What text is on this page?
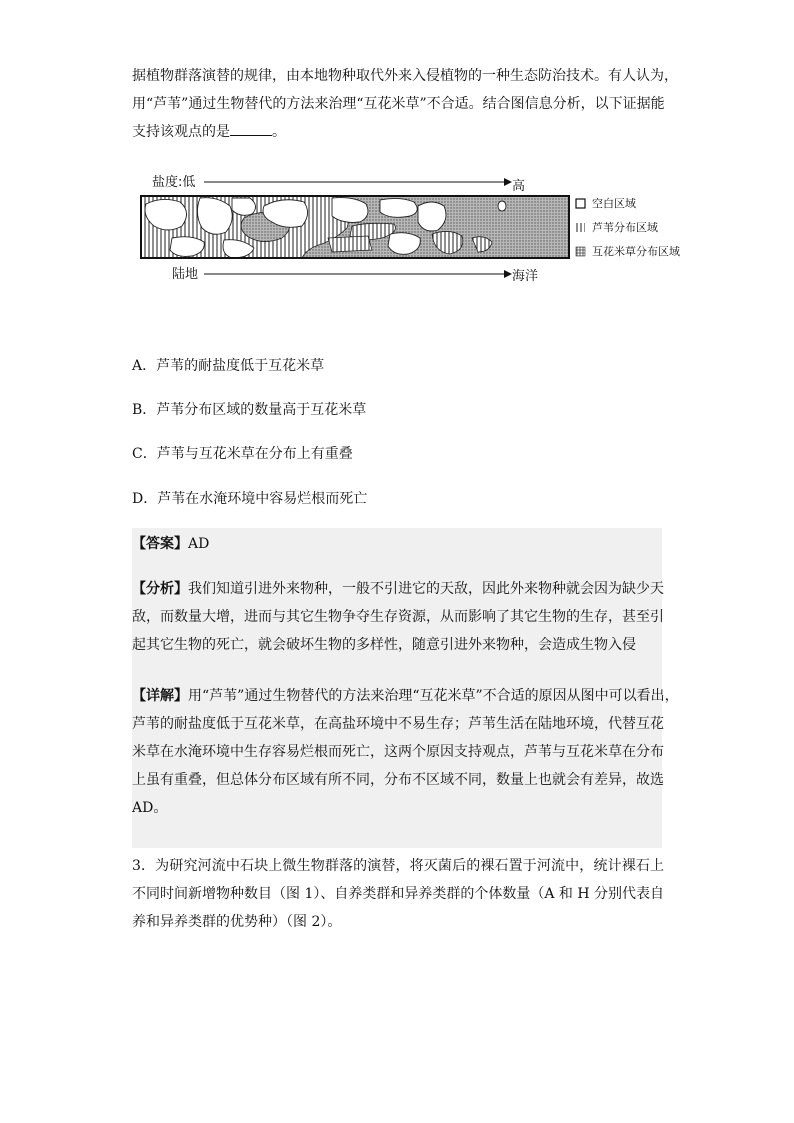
据植物群落演替的规律，由本地物种取代外来入侵植物的一种生态防治技术。有人认为，
用“芦苇”通过生物替代的方法来治理“互花米草”不合适。结合图信息分析，以下证据能
支持该观点的是	。
盐度:低	高
陆地	海洋
空白区域
芦苇分布区域
互花米草分布区域
A．芦苇的耐盐度低于互花米草
B．芦苇分布区域的数量高于互花米草
C．芦苇与互花米草在分布上有重叠
D．芦苇在水淹环境中容易烂根而死亡
【答案】AD
【分析】我们知道引进外来物种，一般不引进它的天敌，因此外来物种就会因为缺少天
敌，而数量大增，进而与其它生物争夺生存资源，从而影响了其它生物的生存，甚至引
起其它生物的死亡，就会破坏生物的多样性，随意引进外来物种，会造成生物入侵
【详解】用“芦苇”通过生物替代的方法来治理“互花米草”不合适的原因从图中可以看出，
芦苇的耐盐度低于互花米草，在高盐环境中不易生存；芦苇生活在陆地环境，代替互花
米草在水淹环境中生存容易烂根而死亡，这两个原因支持观点，芦苇与互花米草在分布
上虽有重叠，但总体分布区域有所不同，分布不区域不同，数量上也就会有差异，故选
AD。
3．为研究河流中石块上微生物群落的演替，将灭菌后的裸石置于河流中，统计裸石上
不同时间新增物种数目（图 1）、自养类群和异养类群的个体数量（A 和 H 分别代表自
养和异养类群的优势种）（图 2）。
